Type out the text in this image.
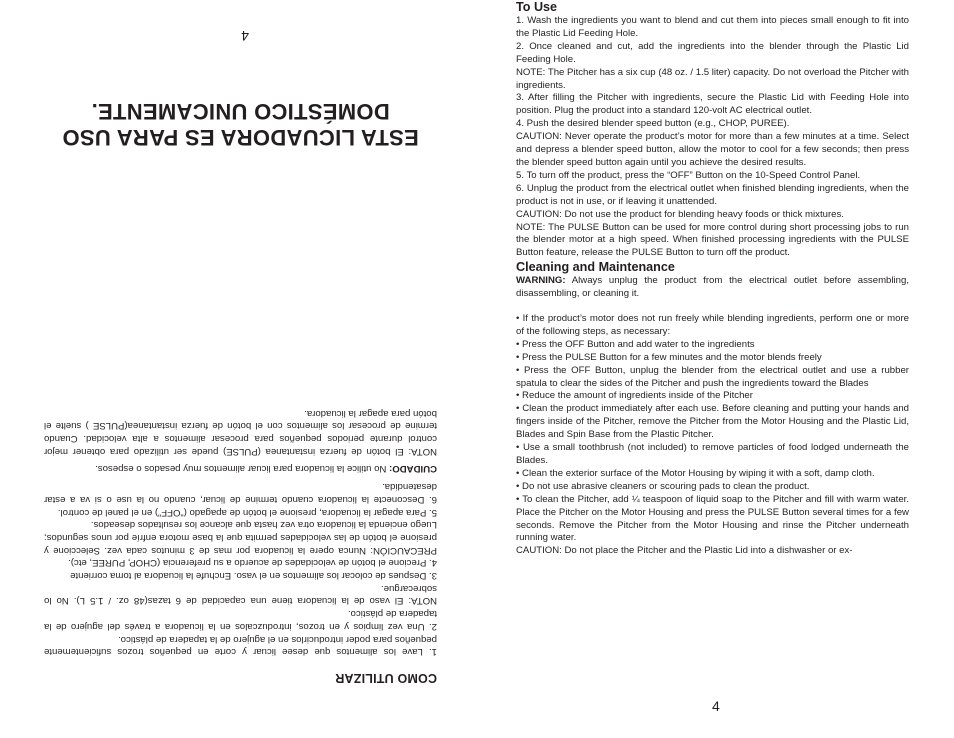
COMO UTILIZAR

1. Lave los alimentos que desee licuar y corte en pequeños trozos suficientemente pequeños para poder introducirlos en el agujero de la tapadera de plástico.

2. Una vez limpios y en trozos, introduzcalos en la licuadora a través del agujero de la tapadera de plástico.

NOTA: El vaso de la licuadora tiene una capacidad de 6 tazas(48 oz. / 1.5 L). No lo sobrecargue.

3. Despues de colocar los alimentos en el vaso. Enchufe la licuadora al toma corriente

4. Precione el botón de velocidades de acuerdo a su preferencia (CHOP, PUREE, etc).

PRECAUCIÓN: Nunca opere la licuadora por mas de 3 minutos cada vez. Seleccione y presione el botón de las velocidades permita que la base motora enfríe por unos segundos; Luego encienda la licuadora otra vez hasta que alcance los resultados deseados.

5. Para apagar la licuadora, presione el botón de apagado (“OFF”) en el panel de control.

6. Desconecte la licuadora cuando termine de licuar, cuando no la use o si va a estar desatendida.

CUIDADO: No utilice la licuadora para licuar alimentos muy pesados o espesos.

NOTA: El botón de fuerza instantanea (PULSE) puede ser utilizado para obtener mejor control durante periodos pequeños para procesar alimentos a alta velocidad. Cuando termine de procesar los alimentos con el botón de fuerza instantanea(PULSE ) suelte el botón para apagar la licuadora.

ESTA LICUADORA ES PARA USO
DOMÉSTICO UNICAMENTE.
4

To Use

1. Wash the ingredients you want to blend and cut them into pieces small enough to fit into the Plastic Lid Feeding Hole.

2. Once cleaned and cut, add the ingredients into the blender through the Plastic Lid Feeding Hole.

NOTE: The Pitcher has a six cup (48 oz. / 1.5 liter) capacity. Do not overload the Pitcher with ingredients.

3. After filling the Pitcher with ingredients, secure the Plastic Lid with Feeding Hole into position. Plug the product into a standard 120-volt AC electrical outlet.

4. Push the desired blender speed button (e.g., CHOP, PUREE).

CAUTION: Never operate the product’s motor for more than a few minutes at a time. Select and depress a blender speed button, allow the motor to cool for a few seconds; then press the blender speed button again until you achieve the desired results.

5. To turn off the product, press the “OFF” Button on the 10-Speed Control Panel.

6. Unplug the product from the electrical outlet when finished blending ingredients, when the product is not in use, or if leaving it unattended.

CAUTION: Do not use the product for blending heavy foods or thick mixtures.

NOTE: The PULSE Button can be used for more control during short processing jobs to run the blender motor at a high speed. When finished processing ingredients with the PULSE Button feature, release the PULSE Button to turn off the product.

Cleaning and Maintenance

WARNING: Always unplug the product from the electrical outlet before assembling, disassembling, or cleaning it.

• If the product’s motor does not run freely while blending ingredients, perform one or more of the following steps, as necessary:

• Press the OFF Button and add water to the ingredients

• Press the PULSE Button for a few minutes and the motor blends freely

• Press the OFF Button, unplug the blender from the electrical outlet and use a rubber spatula to clear the sides of the Pitcher and push the ingredients toward the Blades

• Reduce the amount of ingredients inside of the Pitcher

• Clean the product immediately after each use. Before cleaning and putting your hands and fingers inside of the Pitcher, remove the Pitcher from the Motor Housing and the Plastic Lid, Blades and Spin Base from the Plastic Pitcher.

• Use a small toothbrush (not included) to remove particles of food lodged underneath the Blades.

• Clean the exterior surface of the Motor Housing by wiping it with a soft, damp cloth.

• Do not use abrasive cleaners or scouring pads to clean the product.

• To clean the Pitcher, add ¼ teaspoon of liquid soap to the Pitcher and fill with warm water. Place the Pitcher on the Motor Housing and press the PULSE Button several times for a few seconds. Remove the Pitcher from the Motor Housing and rinse the Pitcher underneath running water.

CAUTION: Do not place the Pitcher and the Plastic Lid into a dishwasher or ex-

4
